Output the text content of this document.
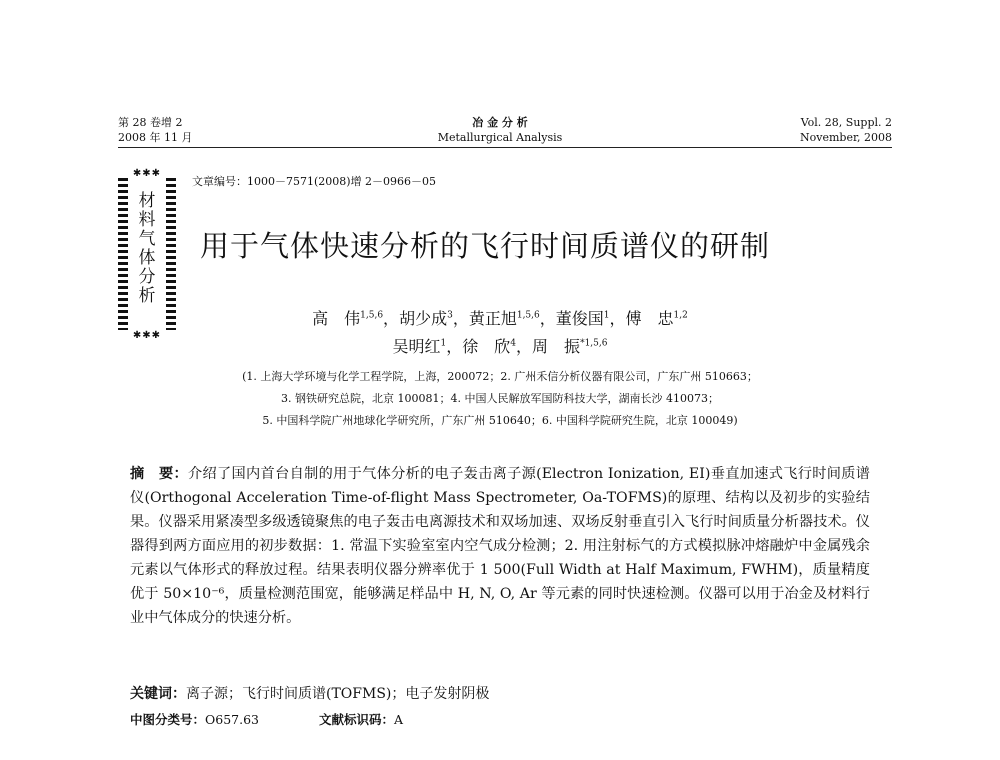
第 28 卷增 2
2008 年 11 月
冶 金 分 析
Metallurgical Analysis
Vol. 28, Suppl. 2
November, 2008
✱✱✱
材
料
气
体
分
析
✱✱✱
文章编号：1000－7571(2008)增 2－0966－05
用于气体快速分析的飞行时间质谱仪的研制
高　伟$^{1,5,6}$，胡少成$^3$，黄正旭$^{1,5,6}$，董俊国$^1$，傅　忠$^{1,2}$
吴明红$^1$，徐　欣$^4$，周　振$^{*1,5,6}$
(1. 上海大学环境与化学工程学院，上海，200072；2. 广州禾信分析仪器有限公司，广东广州 510663；
3. 钢铁研究总院，北京 100081；4. 中国人民解放军国防科技大学，湖南长沙 410073；
5. 中国科学院广州地球化学研究所，广东广州 510640；6. 中国科学院研究生院，北京 100049)
摘　要：介绍了国内首台自制的用于气体分析的电子轰击离子源(Electron Ionization, EI)垂直加速式飞行时间质谱仪(Orthogonal Acceleration Time-of-flight Mass Spectrometer, Oa-TOFMS)的原理、结构以及初步的实验结果。仪器采用紧凑型多级透镜聚焦的电子轰击电离源技术和双场加速、双场反射垂直引入飞行时间质量分析器技术。仪器得到两方面应用的初步数据：1. 常温下实验室室内空气成分检测；2. 用注射标气的方式模拟脉冲熔融炉中金属残余元素以气体形式的释放过程。结果表明仪器分辨率优于 1 500(Full Width at Half Maximum, FWHM)，质量精度优于 50×10⁻⁶，质量检测范围宽，能够满足样品中 H, N, O, Ar 等元素的同时快速检测。仪器可以用于冶金及材料行业中气体成分的快速分析。
关键词：离子源；飞行时间质谱(TOFMS)；电子发射阴极
中图分类号：O657.63	文献标识码：A
